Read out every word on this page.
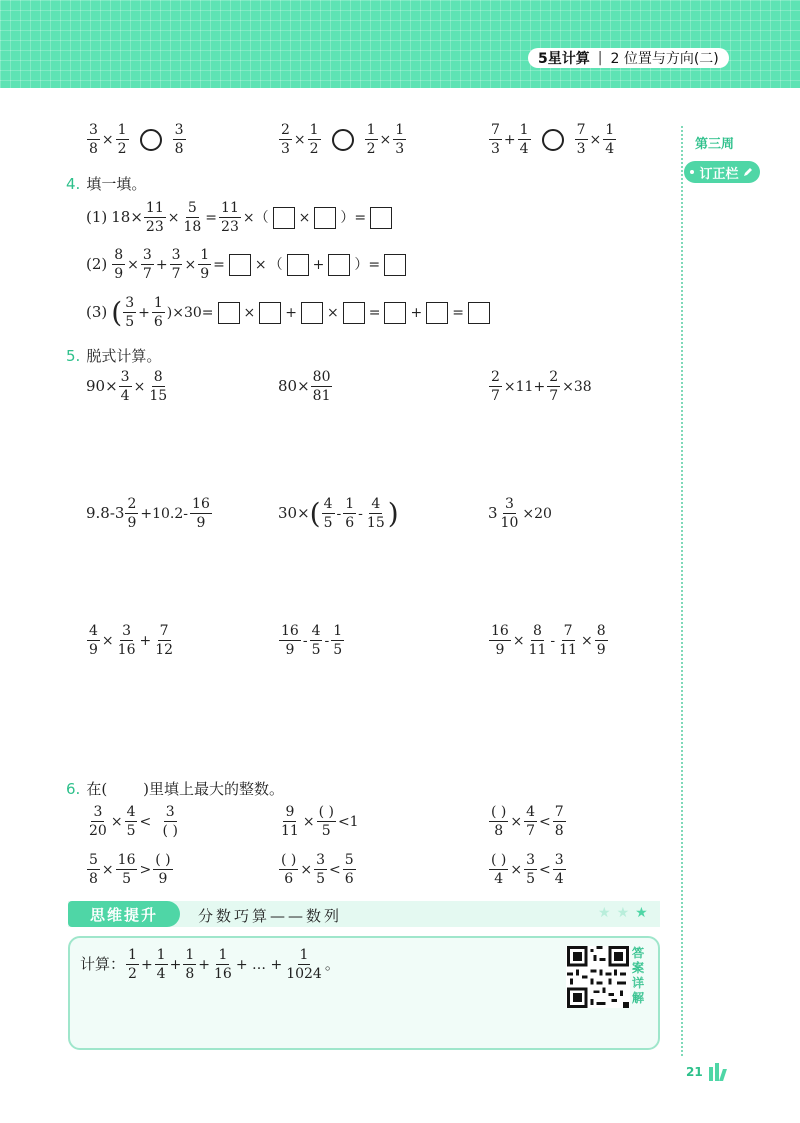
5星计算 | 2 位置与方向(二)
第三周
订正栏
$\frac{3}{8} \times \frac{1}{2}$	$\frac{3}{8}$	$\frac{2}{3} \times \frac{1}{2}$	$\frac{1}{2} \times \frac{1}{3}$	$\frac{7}{3} + \frac{1}{4}$	$\frac{7}{3} \times \frac{1}{4}$
4. 填一填。
(1) $18\times \frac{11}{23} \times \frac{5}{18} = \frac{11}{23}$ ×（ × ）=
$(2) \frac{8}{9} \times \frac{3}{7} + \frac{3}{7} \times \frac{1}{9}$ = × （ + ）=
(3) ( $\frac{3}{5} + \frac{1}{6} )\times 30=$ × + × = + =
5. 脱式计算。
$90\times \frac{3}{4} \times \frac{8}{15}$	$80\times \frac{80}{81}$	$\frac{2}{7} \times 11+ \frac{2}{7} \times 38$
$9.8-3 \frac{2}{9} +10.2- \frac{16}{9}$	30× ( $\frac{4}{5} - \frac{1}{6} - \frac{4}{15}$ )	$3 \frac{3}{10} \times 20$
$\frac{4}{9} \times \frac{3}{16} + \frac{7}{12}$	$\frac{16}{9} - \frac{4}{5} - \frac{1}{5}$	$\frac{16}{9} \times \frac{8}{11} - \frac{7}{11} \times \frac{8}{9}$
6. 在( )里填上最大的整数。
$\frac{3}{20} \times \frac{4}{5} < \frac{3}{( )}$	$\frac{9}{11} \times \frac{( )}{5} <1$	$\frac{( )}{8} \times \frac{4}{7} < \frac{7}{8}$
$\frac{5}{8} \times \frac{16}{5} > \frac{( )}{9}$	$\frac{( )}{6} \times \frac{3}{5} < \frac{5}{6}$	$\frac{( )}{4} \times \frac{3}{5} < \frac{3}{4}$
思维提升	分数巧算——数列	★ ★ ★
计算： $\frac{1}{2} + \frac{1}{4} + \frac{1}{8} + \frac{1}{16}$ + … + $\frac{1}{1024}$ 。
答
案
详
解
21
